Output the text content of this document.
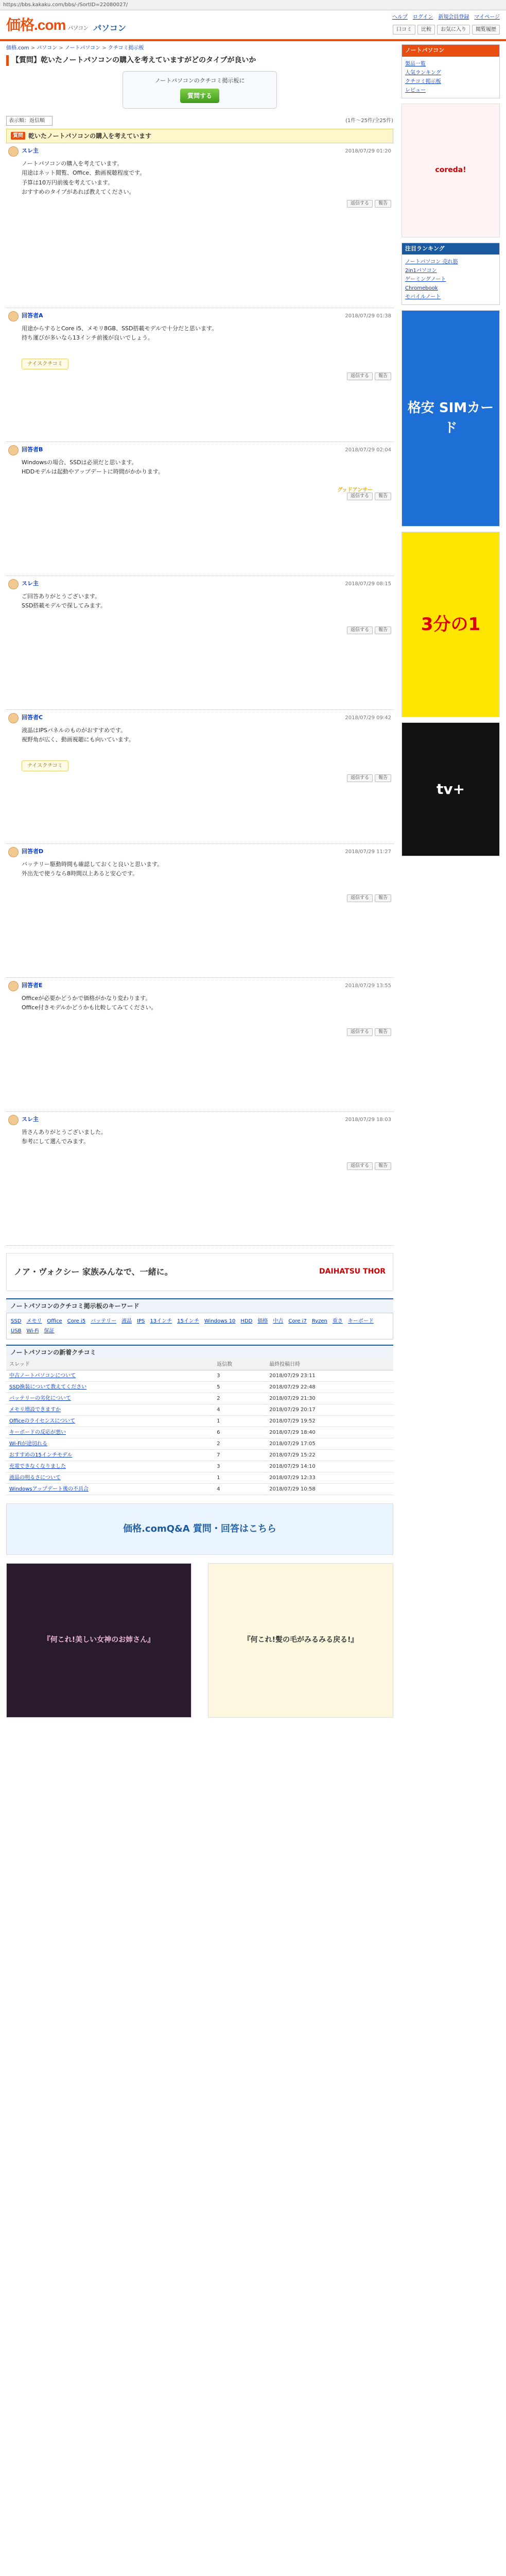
https://bbs.kakaku.com/bbs/-/SortID=22080027/
価格.com パソコン パソコン
ヘルプ ログイン 新規会員登録 マイページ
口コミ	比較	お気に入り	閲覧履歴
価格.com > パソコン > ノートパソコン > クチコミ掲示板
【質問】乾いたノートパソコンの購入を考えていますがどのタイプが良いか
ノートパソコンのクチコミ掲示板に
質問する
表示順：返信順	(1件～25件/全25件)
質問 乾いたノートパソコンの購入を考えています
スレ主	2018/07/29 01:20

ノートパソコンの購入を考えています。

用途はネット閲覧、Office、動画視聴程度です。

予算は10万円前後を考えています。

おすすめのタイプがあれば教えてください。

返信する	報告
回答者A	2018/07/29 01:38

用途からするとCore i5、メモリ8GB、SSD搭載モデルで十分だと思います。

持ち運びが多いなら13インチ前後が良いでしょう。

ナイスクチコミ
返信する	報告
回答者B	2018/07/29 02:04

Windowsの場合、SSDは必須だと思います。

HDDモデルは起動やアップデートに時間がかかります。

グッドアンサー
返信する	報告
スレ主	2018/07/29 08:15

ご回答ありがとうございます。

SSD搭載モデルで探してみます。

返信する	報告
回答者C	2018/07/29 09:42

液晶はIPSパネルのものがおすすめです。

視野角が広く、動画視聴にも向いています。

ナイスクチコミ
返信する	報告
回答者D	2018/07/29 11:27

バッテリー駆動時間も確認しておくと良いと思います。

外出先で使うなら8時間以上あると安心です。

返信する	報告
回答者E	2018/07/29 13:55

Officeが必要かどうかで価格がかなり変わります。

Office付きモデルかどうかも比較してみてください。

返信する	報告
スレ主	2018/07/29 18:03

皆さんありがとうございました。

参考にして選んでみます。

返信する	報告
ノア・ヴォクシー 家族みんなで、一緒に。	DAIHATSU THOR
ノートパソコンのクチコミ掲示板のキーワード
SSD メモリ Office Core i5 バッテリー 液晶 IPS 13インチ 15インチ Windows 10 HDD 価格 中古 Core i7 Ryzen 重さ キーボードUSB Wi-Fi 保証
ノートパソコンの新着クチコミ
スレッド	返信数	最終投稿日時
中古ノートパソコンについて	3	2018/07/29 23:11
SSD換装について教えてください	5	2018/07/29 22:48
バッテリーの劣化について	2	2018/07/29 21:30
メモリ増設できますか	4	2018/07/29 20:17
Officeのライセンスについて	1	2018/07/29 19:52
キーボードの反応が悪い	6	2018/07/29 18:40
Wi-Fiが途切れる	2	2018/07/29 17:05
おすすめの15インチモデル	7	2018/07/29 15:22
充電できなくなりました	3	2018/07/29 14:10
液晶の明るさについて	1	2018/07/29 12:33
Windowsアップデート後の不具合	4	2018/07/29 10:58
価格.comQ&A 質問・回答はこちら
『何これ!美しい女神のお姉さん』	『何これ!髪の毛がみるみる戻る!』
ノートパソコン
製品一覧
人気ランキング
クチコミ掲示板
レビュー
coreda!
注目ランキング
ノートパソコン 売れ筋
2in1パソコン
ゲーミングノート
Chromebook
モバイルノート
格安 SIMカード
3分の1
tv+
